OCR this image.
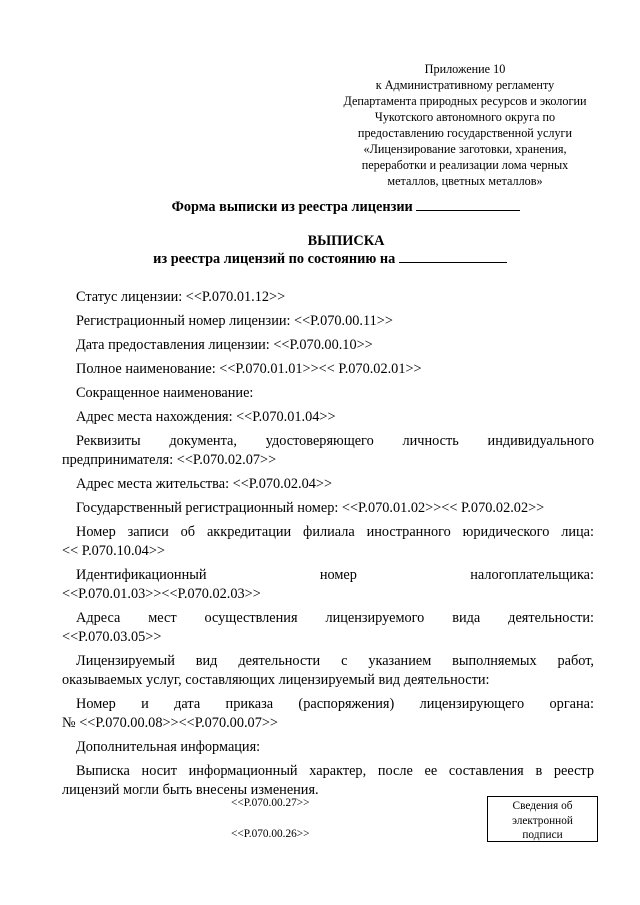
Приложение 10
к Административному регламенту
Департамента природных ресурсов и экологии
Чукотского автономного округа по
предоставлению государственной услуги
«Лицензирование заготовки, хранения,
переработки и реализации лома черных
металлов, цветных металлов»
Форма выписки из реестра лицензии
ВЫПИСКА
из реестра лицензий по состоянию на
Статус лицензии: <<P.070.01.12>>
Регистрационный номер лицензии: <<P.070.00.11>>
Дата предоставления лицензии: <<P.070.00.10>>
Полное наименование: <<P.070.01.01>><< P.070.02.01>>
Сокращенное наименование:
Адрес места нахождения: <<P.070.01.04>>
Реквизиты документа, удостоверяющего личность индивидуального
предпринимателя: <<P.070.02.07>>
Адрес места жительства: <<P.070.02.04>>
Государственный регистрационный номер: <<P.070.01.02>><< P.070.02.02>>
Номер записи об аккредитации филиала иностранного юридического лица:
<< P.070.10.04>>
Идентификационный номер налогоплательщика:
<<P.070.01.03>><<P.070.02.03>>
Адреса мест осуществления лицензируемого вида деятельности:
<<P.070.03.05>>
Лицензируемый вид деятельности с указанием выполняемых работ,
оказываемых услуг, составляющих лицензируемый вид деятельности:
Номер и дата приказа (распоряжения) лицензирующего органа:
№ <<P.070.00.08>><<P.070.00.07>>
Дополнительная информация:
Выписка носит информационный характер, после ее составления в реестр
лицензий могли быть внесены изменения.
<<P.070.00.27>>
<<P.070.00.26>>
Сведения об
электронной
подписи
